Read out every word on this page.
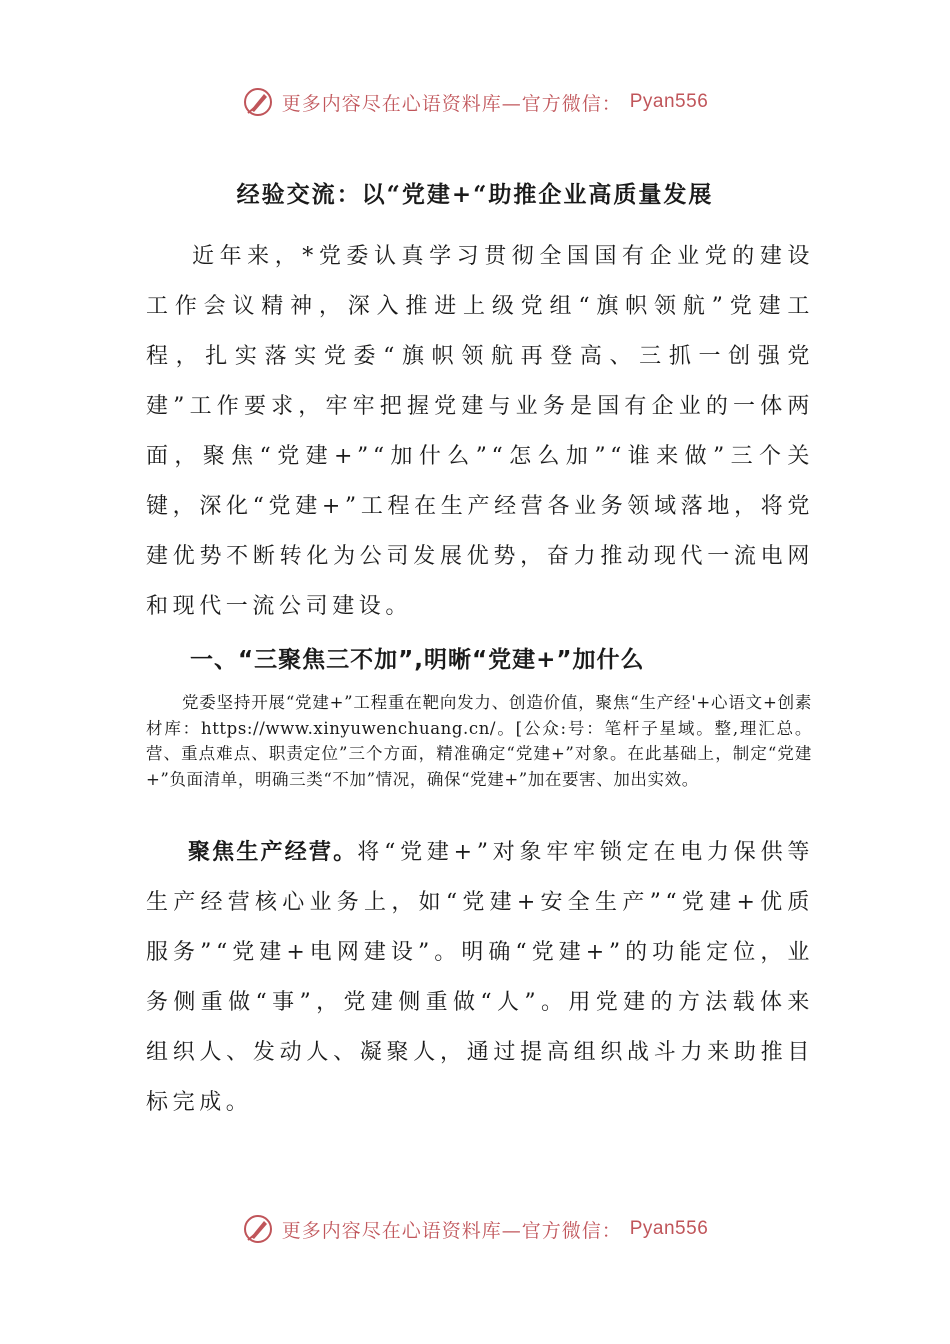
更多内容尽在心语资料库—官方微信： Pyan556
经验交流：以“党建+“助推企业高质量发展

近年来，*党委认真学习贯彻全国国有企业党的建设工作会议精神，深入推进上级党组“旗帜领航”党建工程，扎实落实党委“旗帜领航再登高、三抓一创强党建”工作要求，牢牢把握党建与业务是国有企业的一体两面，聚焦“党建+”“加什么”“怎么加”“谁来做”三个关键，深化“党建+”工程在生产经营各业务领域落地，将党建优势不断转化为公司发展优势，奋力推动现代一流电网和现代一流公司建设。

一、“三聚焦三不加”,明晰“党建+”加什么

党委坚持开展“党建+”工程重在靶向发力、创造价值，聚焦“生产经'+心语文+创素材库：https://www.xinyuwenchuang.cn/。[公众:号：笔杆子星域。整,理汇总。营、重点难点、职责定位”三个方面，精准确定“党建+”对象。在此基础上，制定“党建+”负面清单，明确三类“不加”情况，确保“党建+”加在要害、加出实效。

聚焦生产经营。将“党建+”对象牢牢锁定在电力保供等生产经营核心业务上，如“党建+安全生产”“党建+优质服务”“党建+电网建设”。明确“党建+”的功能定位，业务侧重做“事”，党建侧重做“人”。用党建的方法载体来组织人、发动人、凝聚人，通过提高组织战斗力来助推目标完成。

更多内容尽在心语资料库—官方微信： Pyan556
